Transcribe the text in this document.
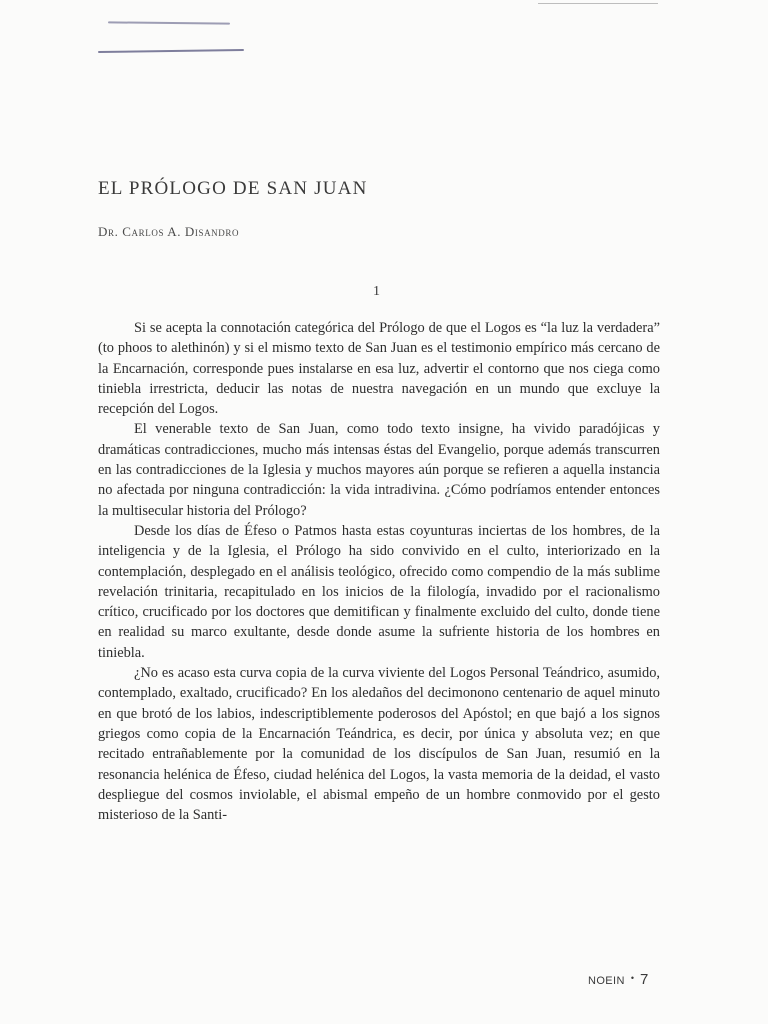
EL PRÓLOGO DE SAN JUAN
Dr. Carlos A. Disandro
1

Si se acepta la connotación categórica del Prólogo de que el Logos es “la luz la verdadera” (to phoos to alethinón) y si el mismo texto de San Juan es el testimonio empírico más cercano de la Encarnación, corresponde pues instalarse en esa luz, advertir el contorno que nos ciega como tiniebla irrestricta, deducir las notas de nuestra navegación en un mundo que excluye la recepción del Logos.

El venerable texto de San Juan, como todo texto insigne, ha vivido paradójicas y dramáticas contradicciones, mucho más intensas éstas del Evangelio, porque además transcurren en las contradicciones de la Iglesia y muchos mayores aún porque se refieren a aquella instancia no afectada por ninguna contradicción: la vida intradivina. ¿Cómo podríamos entender entonces la multisecular historia del Prólogo?

Desde los días de Éfeso o Patmos hasta estas coyunturas inciertas de los hombres, de la inteligencia y de la Iglesia, el Prólogo ha sido convivido en el culto, interiorizado en la contemplación, desplegado en el análisis teológico, ofrecido como compendio de la más sublime revelación trinitaria, recapitulado en los inicios de la filología, invadido por el racionalismo crítico, crucificado por los doctores que demitifican y finalmente excluido del culto, donde tiene en realidad su marco exultante, desde donde asume la sufriente historia de los hombres en tiniebla.

¿No es acaso esta curva copia de la curva viviente del Logos Personal Teándrico, asumido, contemplado, exaltado, crucificado? En los aledaños del decimonono centenario de aquel minuto en que brotó de los labios, indescriptiblemente poderosos del Apóstol; en que bajó a los signos griegos como copia de la Encarnación Teándrica, es decir, por única y absoluta vez; en que recitado entrañablemente por la comunidad de los discípulos de San Juan, resumió en la resonancia helénica de Éfeso, ciudad helénica del Logos, la vasta memoria de la deidad, el vasto despliegue del cosmos inviolable, el abismal empeño de un hombre conmovido por el gesto misterioso de la Santi-

NOEIN • 7
